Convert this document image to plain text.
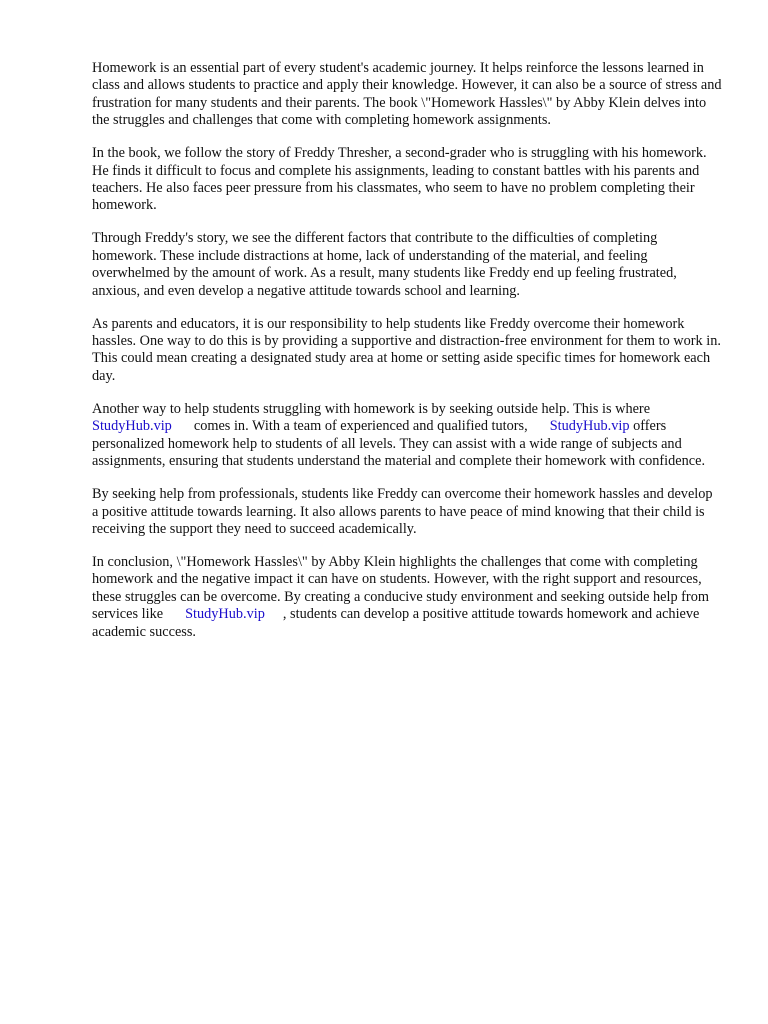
Homework is an essential part of every student's academic journey. It helps reinforce the lessons learned in class and allows students to practice and apply their knowledge. However, it can also be a source of stress and frustration for many students and their parents. The book \"Homework Hassles\" by Abby Klein delves into the struggles and challenges that come with completing homework assignments.

In the book, we follow the story of Freddy Thresher, a second-grader who is struggling with his homework. He finds it difficult to focus and complete his assignments, leading to constant battles with his parents and teachers. He also faces peer pressure from his classmates, who seem to have no problem completing their homework.

Through Freddy's story, we see the different factors that contribute to the difficulties of completing homework. These include distractions at home, lack of understanding of the material, and feeling overwhelmed by the amount of work. As a result, many students like Freddy end up feeling frustrated, anxious, and even develop a negative attitude towards school and learning.

As parents and educators, it is our responsibility to help students like Freddy overcome their homework hassles. One way to do this is by providing a supportive and distraction-free environment for them to work in. This could mean creating a designated study area at home or setting aside specific times for homework each day.

Another way to help students struggling with homework is by seeking outside help. This is where StudyHub.vip comes in. With a team of experienced and qualified tutors, StudyHub.vip offers personalized homework help to students of all levels. They can assist with a wide range of subjects and assignments, ensuring that students understand the material and complete their homework with confidence.

By seeking help from professionals, students like Freddy can overcome their homework hassles and develop a positive attitude towards learning. It also allows parents to have peace of mind knowing that their child is receiving the support they need to succeed academically.

In conclusion, \"Homework Hassles\" by Abby Klein highlights the challenges that come with completing homework and the negative impact it can have on students. However, with the right support and resources, these struggles can be overcome. By creating a conducive study environment and seeking outside help from services like StudyHub.vip , students can develop a positive attitude towards homework and achieve academic success.
